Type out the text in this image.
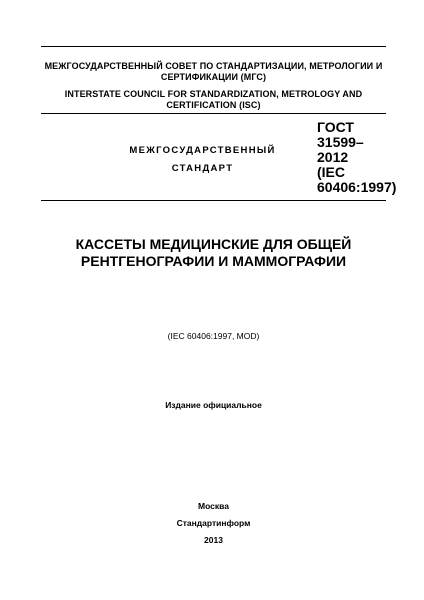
МЕЖГОСУДАРСТВЕННЫЙ СОВЕТ ПО СТАНДАРТИЗАЦИИ, МЕТРОЛОГИИ И СЕРТИФИКАЦИИ (МГС)
INTERSTATE COUNCIL FOR STANDARDIZATION, METROLOGY AND CERTIFICATION (ISC)
МЕЖГОСУДАРСТВЕННЫЙ
СТАНДАРТ
ГОСТ
31599–
2012
(IEC
60406:1997)
КАССЕТЫ МЕДИЦИНСКИЕ ДЛЯ ОБЩЕЙ РЕНТГЕНОГРАФИИ И МАММОГРАФИИ
(IEC 60406:1997, MOD)
Издание официальное
Москва
Стандартинформ
2013
